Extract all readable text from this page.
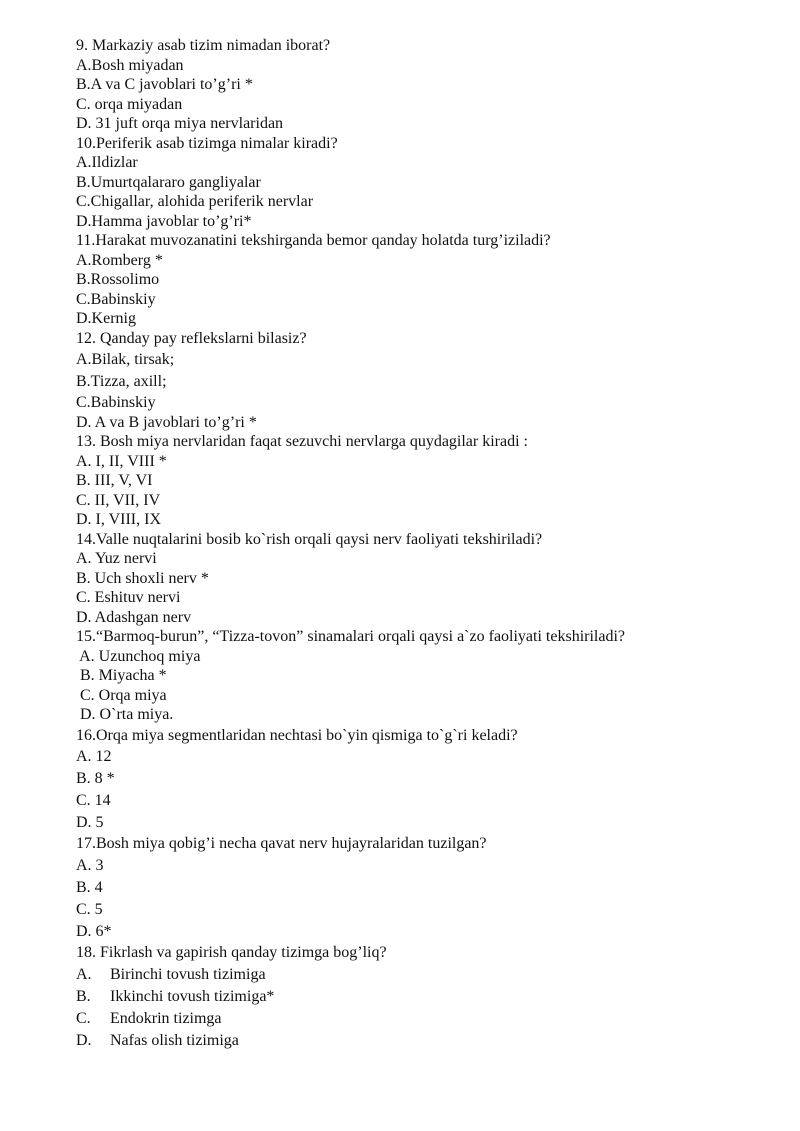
9. Markaziy asab tizim nimadan iborat?
A.Bosh miyadan
B.A va C javoblari to’g’ri *
C. orqa miyadan
D. 31 juft orqa miya nervlaridan
10.Periferik asab tizimga nimalar kiradi?
A.Ildizlar
B.Umurtqalararo gangliyalar
C.Chigallar, alohida periferik nervlar
D.Hamma javoblar to’g’ri*
11.Harakat muvozanatini tekshirganda bemor qanday holatda turg’iziladi?
A.Romberg *
B.Rossolimo
C.Babinskiy
D.Kernig
12. Qanday pay reflekslarni bilasiz?
A.Bilak, tirsak;
B.Tizza, axill;
C.Babinskiy
D. A va B javoblari to’g’ri *
13. Bosh miya nervlaridan faqat sezuvchi nervlarga quydagilar kiradi :
A. I, II, VIII *
B. III, V, VI
C. II, VII, IV
D. I, VIII, IX
14.Valle nuqtalarini bosib ko`rish orqali qaysi nerv faoliyati tekshiriladi?
A. Yuz nervi
B. Uch shoxli nerv *
C. Eshituv nervi
D. Adashgan nerv
15.“Barmoq-burun”, “Tizza-tovon” sinamalari orqali qaysi a`zo faoliyati tekshiriladi?
A. Uzunchoq miya
B. Miyacha *
C. Orqa miya
D. O`rta miya.
16.Orqa miya segmentlaridan nechtasi bo`yin qismiga to`g`ri keladi?
A. 12
B. 8 *
C. 14
D. 5
17.Bosh miya qobig’i necha qavat nerv hujayralaridan tuzilgan?
A. 3
B. 4
C. 5
D. 6*
18. Fikrlash va gapirish qanday tizimga bog’liq?
A.	Birinchi tovush tizimiga
B.	Ikkinchi tovush tizimiga*
C.	Endokrin tizimga
D.	Nafas olish tizimiga
